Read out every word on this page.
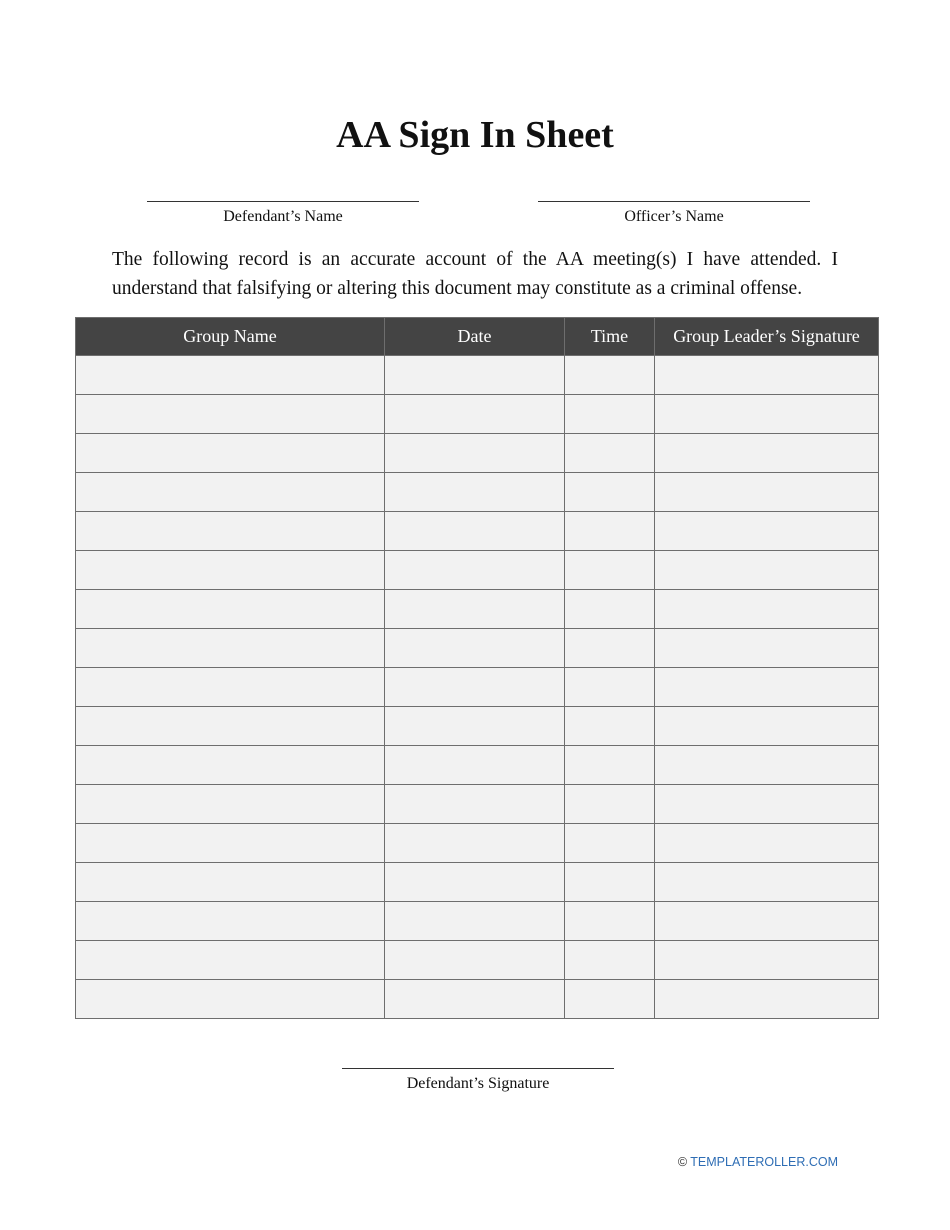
AA Sign In Sheet
Defendant’s Name	Officer’s Name
The following record is an accurate account of the AA meeting(s) I have attended. I understand that falsifying or altering this document may constitute as a criminal offense.
Group Name	Date	Time	Group Leader’s Signature

Defendant’s Signature
© TEMPLATEROLLER.COM
